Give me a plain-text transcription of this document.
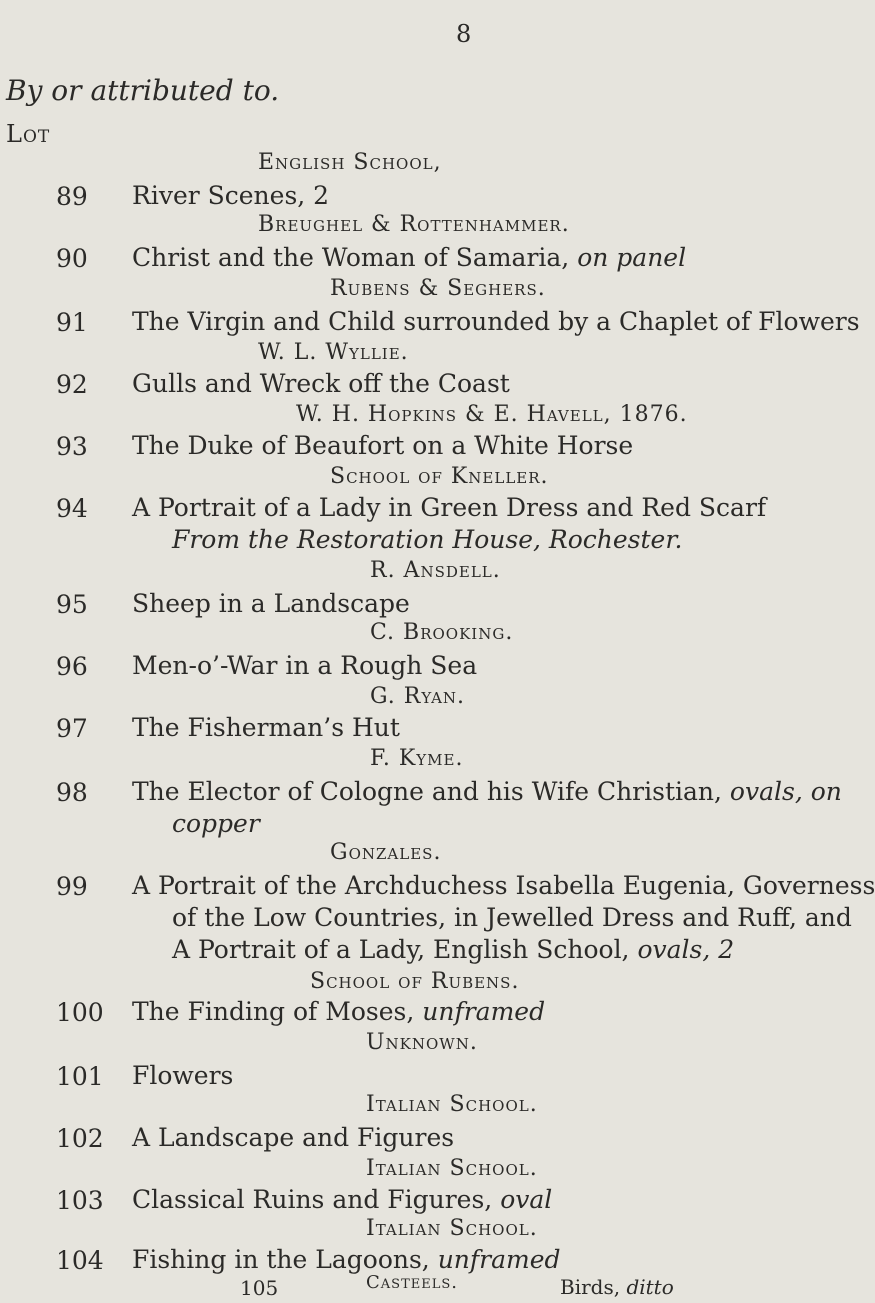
8
By or attributed to.
Lot
English School,
89 River Scenes, 2
Breughel & Rottenhammer.
90 Christ and the Woman of Samaria, on panel
Rubens & Seghers.
91 The Virgin and Child surrounded by a Chaplet of Flowers
W. L. Wyllie.
92 Gulls and Wreck off the Coast
W. H. Hopkins & E. Havell, 1876.
93 The Duke of Beaufort on a White Horse
School of Kneller.
94 A Portrait of a Lady in Green Dress and Red Scarf
From the Restoration House, Rochester.
R. Ansdell.
95 Sheep in a Landscape
C. Brooking.
96 Men-o’-War in a Rough Sea
G. Ryan.
97 The Fisherman’s Hut
F. Kyme.
98 The Elector of Cologne and his Wife Christian, ovals, on
copper
Gonzales.
99 A Portrait of the Archduchess Isabella Eugenia, Governess
of the Low Countries, in Jewelled Dress and Ruff, and
A Portrait of a Lady, English School, ovals, 2
School of Rubens.
100 The Finding of Moses, unframed
Unknown.
101 Flowers
Italian School.
102 A Landscape and Figures
Italian School.
103 Classical Ruins and Figures, oval
Italian School.
104 Fishing in the Lagoons, unframed
Casteels.
105	Birds, ditto
